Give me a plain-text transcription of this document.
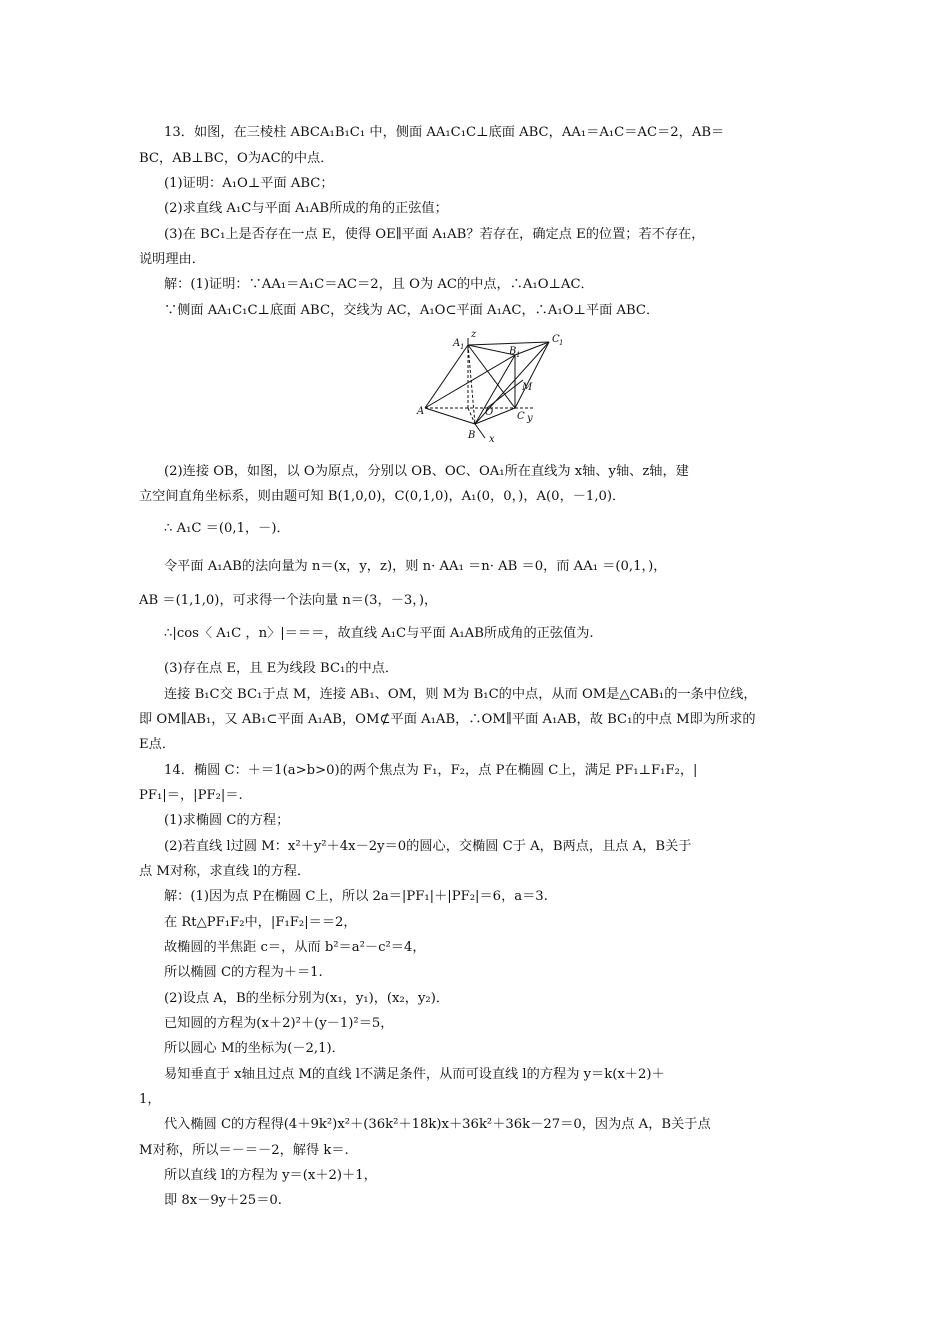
13．如图，在三棱柱 ABCA₁B₁C₁ 中，侧面 AA₁C₁C⊥底面 ABC，AA₁＝A₁C＝AC＝2，AB＝
BC，AB⊥BC，O为AC的中点．
(1)证明：A₁O⊥平面 ABC；
(2)求直线 A₁C与平面 A₁AB所成的角的正弦值；
(3)在 BC₁上是否存在一点 E，使得 OE∥平面 A₁AB？若存在，确定点 E的位置；若不存在，
说明理由．
解：(1)证明：∵AA₁＝A₁C＝AC＝2，且 O为 AC的中点，∴A₁O⊥AC．
∵侧面 AA₁C₁C⊥底面 ABC，交线为 AC，A₁O⊂平面 A₁AC，∴A₁O⊥平面 ABC．
z
A 1	B 1
C 1
M
A	O C y
B x
(2)连接 OB，如图，以 O为原点，分别以 OB、OC、OA₁所在直线为 x轴、y轴、z轴，建
立空间直角坐标系，则由题可知 B(1,0,0)，C(0,1,0)，A₁(0，0，)，A(0，－1,0)．
∴ A₁C ＝(0,1，－)．
令平面 A₁AB的法向量为 n＝(x，y，z)，则 n· AA₁ ＝n· AB ＝0，而 AA₁ ＝(0,1，)，
AB ＝(1,1,0)，可求得一个法向量 n＝(3，－3，)，
∴|cos〈 A₁C ，n〉|＝＝＝，故直线 A₁C与平面 A₁AB所成角的正弦值为.
(3)存在点 E，且 E为线段 BC₁的中点．
连接 B₁C交 BC₁于点 M，连接 AB₁、OM，则 M为 B₁C的中点，从而 OM是△CAB₁的一条中位线，
即 OM∥AB₁，又 AB₁⊂平面 A₁AB，OM⊄平面 A₁AB，∴OM∥平面 A₁AB，故 BC₁的中点 M即为所求的
E点．
14．椭圆 C：＋＝1(a>b>0)的两个焦点为 F₁，F₂，点 P在椭圆 C上，满足 PF₁⊥F₁F₂，|
PF₁|＝，|PF₂|＝.
(1)求椭圆 C的方程；
(2)若直线 l过圆 M：x²＋y²＋4x－2y＝0的圆心，交椭圆 C于 A，B两点，且点 A，B关于
点 M对称，求直线 l的方程．
解：(1)因为点 P在椭圆 C上，所以 2a＝|PF₁|＋|PF₂|＝6，a＝3.
在 Rt△PF₁F₂中，|F₁F₂|＝＝2，
故椭圆的半焦距 c＝，从而 b²＝a²－c²＝4，
所以椭圆 C的方程为＋＝1.
(2)设点 A，B的坐标分别为(x₁，y₁)，(x₂，y₂)．
已知圆的方程为(x＋2)²＋(y－1)²＝5，
所以圆心 M的坐标为(－2,1)．
易知垂直于 x轴且过点 M的直线 l不满足条件，从而可设直线 l的方程为 y＝k(x＋2)＋
1，
代入椭圆 C的方程得(4＋9k²)x²＋(36k²＋18k)x＋36k²＋36k－27＝0，因为点 A，B关于点
M对称，所以＝－＝－2，解得 k＝.
所以直线 l的方程为 y＝(x＋2)＋1，
即 8x－9y＋25＝0.
